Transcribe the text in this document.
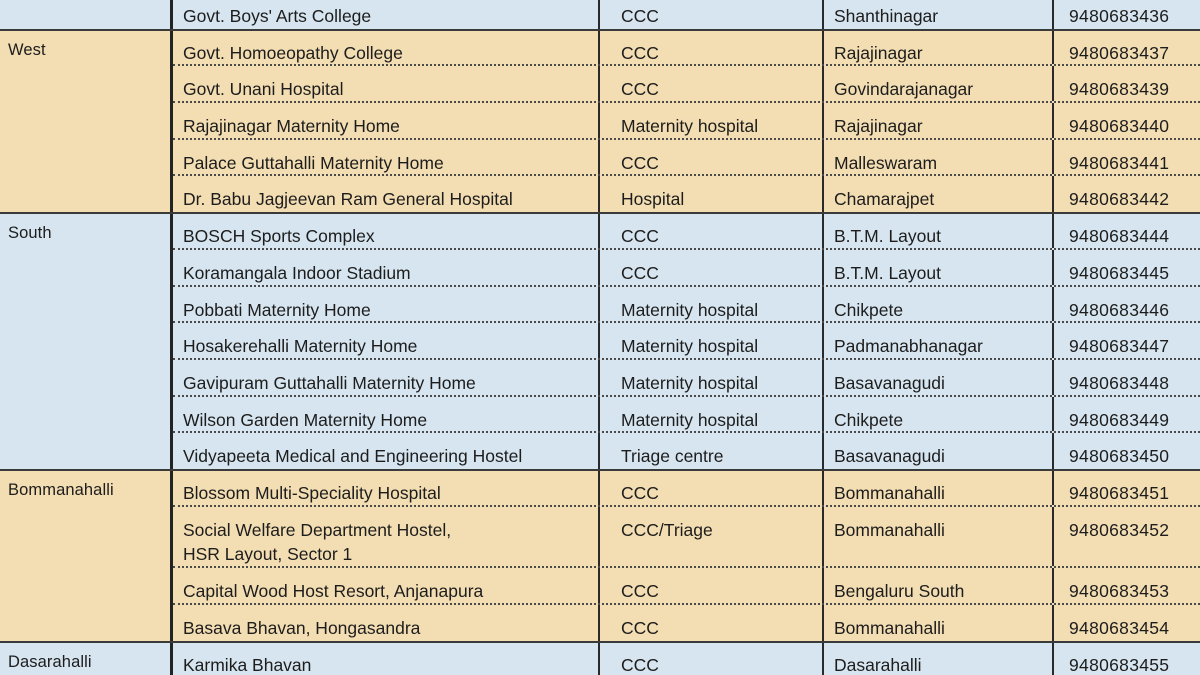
Govt. Boys' Arts College	CCC	Shanthinagar	9480683436
West	Govt. Homoeopathy College	CCC	Rajajinagar	9480683437
Govt. Unani Hospital	CCC	Govindarajanagar	9480683439
Rajajinagar Maternity Home	Maternity hospital	Rajajinagar	9480683440
Palace Guttahalli Maternity Home	CCC	Malleswaram	9480683441
Dr. Babu Jagjeevan Ram General Hospital	Hospital	Chamarajpet	9480683442
South	BOSCH Sports Complex	CCC	B.T.M. Layout	9480683444
Koramangala Indoor Stadium	CCC	B.T.M. Layout	9480683445
Pobbati Maternity Home	Maternity hospital	Chikpete	9480683446
Hosakerehalli Maternity Home	Maternity hospital	Padmanabhanagar	9480683447
Gavipuram Guttahalli Maternity Home	Maternity hospital	Basavanagudi	9480683448
Wilson Garden Maternity Home	Maternity hospital	Chikpete	9480683449
Vidyapeeta Medical and Engineering Hostel	Triage centre	Basavanagudi	9480683450
Bommanahalli	Blossom Multi-Speciality Hospital	CCC	Bommanahalli	9480683451
Social Welfare Department Hostel,
HSR Layout, Sector 1
CCC/Triage	Bommanahalli	9480683452
Capital Wood Host Resort, Anjanapura	CCC	Bengaluru South	9480683453
Basava Bhavan, Hongasandra	CCC	Bommanahalli	9480683454
Dasarahalli	Karmika Bhavan	CCC	Dasarahalli	9480683455
